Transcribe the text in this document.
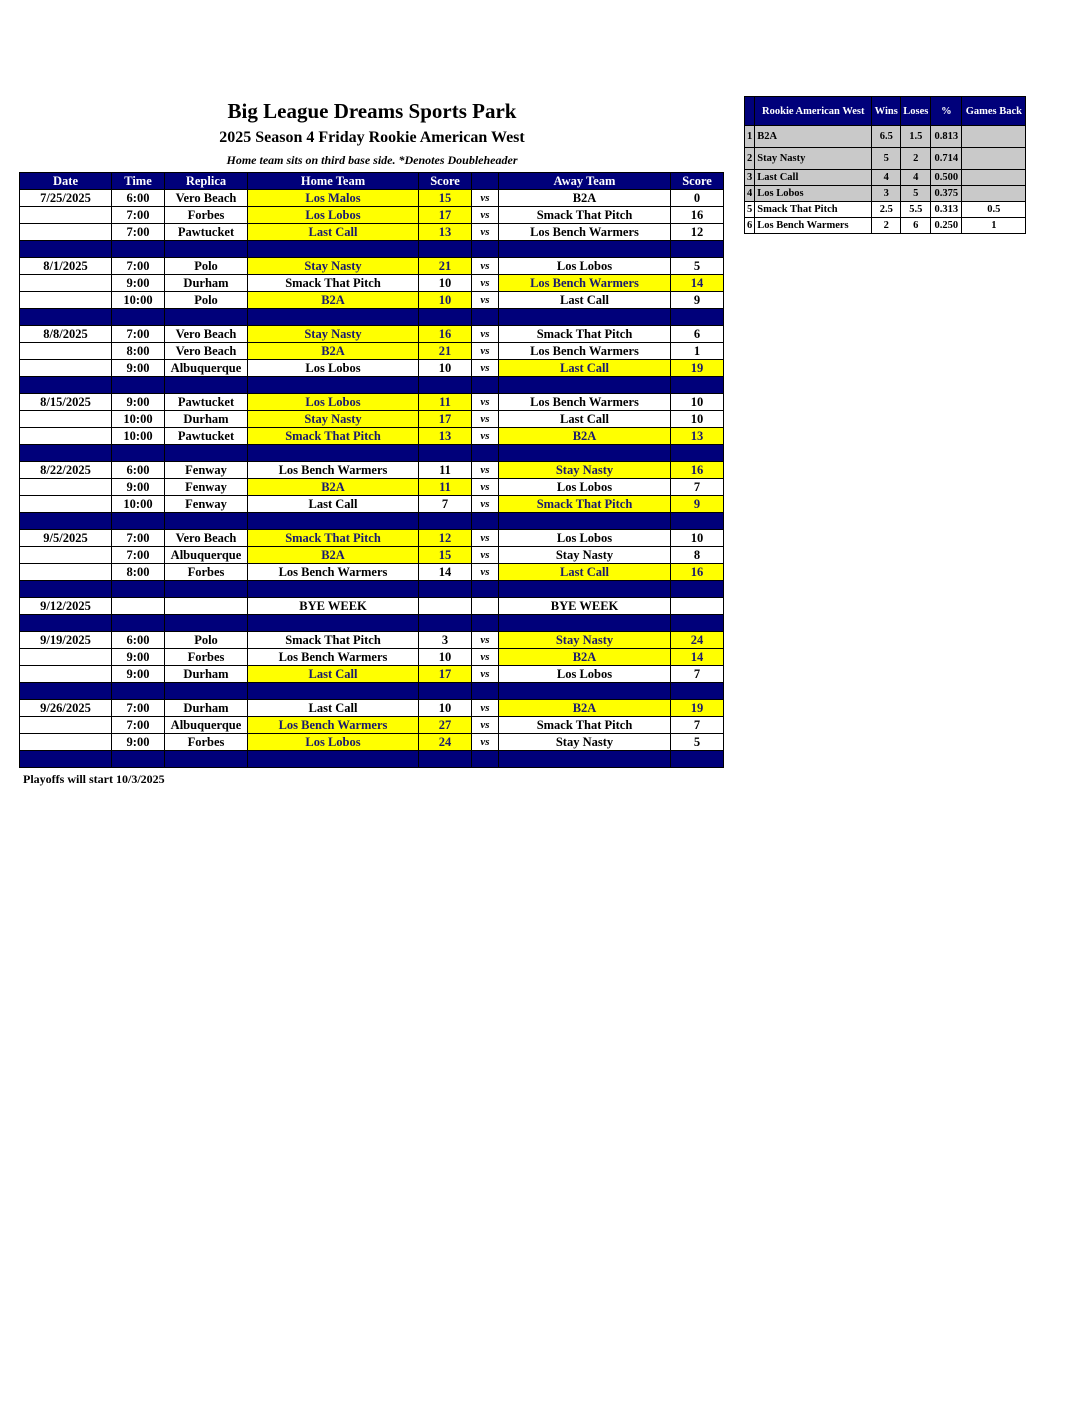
Big League Dreams Sports Park
2025 Season 4 Friday Rookie American West
Home team sits on third base side. *Denotes Doubleheader
Date	Time	Replica	Home Team	Score		Away Team	Score
7/25/2025	6:00	Vero Beach	Los Malos	15	vs	B2A	0
	7:00	Forbes	Los Lobos	17	vs	Smack That Pitch	16
	7:00	Pawtucket	Last Call	13	vs	Los Bench Warmers	12

8/1/2025	7:00	Polo	Stay Nasty	21	vs	Los Lobos	5
	9:00	Durham	Smack That Pitch	10	vs	Los Bench Warmers	14
	10:00	Polo	B2A	10	vs	Last Call	9

8/8/2025	7:00	Vero Beach	Stay Nasty	16	vs	Smack That Pitch	6
	8:00	Vero Beach	B2A	21	vs	Los Bench Warmers	1
	9:00	Albuquerque	Los Lobos	10	vs	Last Call	19

8/15/2025	9:00	Pawtucket	Los Lobos	11	vs	Los Bench Warmers	10
	10:00	Durham	Stay Nasty	17	vs	Last Call	10
	10:00	Pawtucket	Smack That Pitch	13	vs	B2A	13

8/22/2025	6:00	Fenway	Los Bench Warmers	11	vs	Stay Nasty	16
	9:00	Fenway	B2A	11	vs	Los Lobos	7
	10:00	Fenway	Last Call	7	vs	Smack That Pitch	9

9/5/2025	7:00	Vero Beach	Smack That Pitch	12	vs	Los Lobos	10
	7:00	Albuquerque	B2A	15	vs	Stay Nasty	8
	8:00	Forbes	Los Bench Warmers	14	vs	Last Call	16

9/12/2025			BYE WEEK			BYE WEEK	

9/19/2025	6:00	Polo	Smack That Pitch	3	vs	Stay Nasty	24
	9:00	Forbes	Los Bench Warmers	10	vs	B2A	14
	9:00	Durham	Last Call	17	vs	Los Lobos	7

9/26/2025	7:00	Durham	Last Call	10	vs	B2A	19
	7:00	Albuquerque	Los Bench Warmers	27	vs	Smack That Pitch	7
	9:00	Forbes	Los Lobos	24	vs	Stay Nasty	5

Playoffs will start 10/3/2025
	Rookie American West	Wins	Loses	%	Games Back
1	B2A	6.5	1.5	0.813	
2	Stay Nasty	5	2	0.714	
3	Last Call	4	4	0.500	
4	Los Lobos	3	5	0.375	
5	Smack That Pitch	2.5	5.5	0.313	0.5
6	Los Bench Warmers	2	6	0.250	1
